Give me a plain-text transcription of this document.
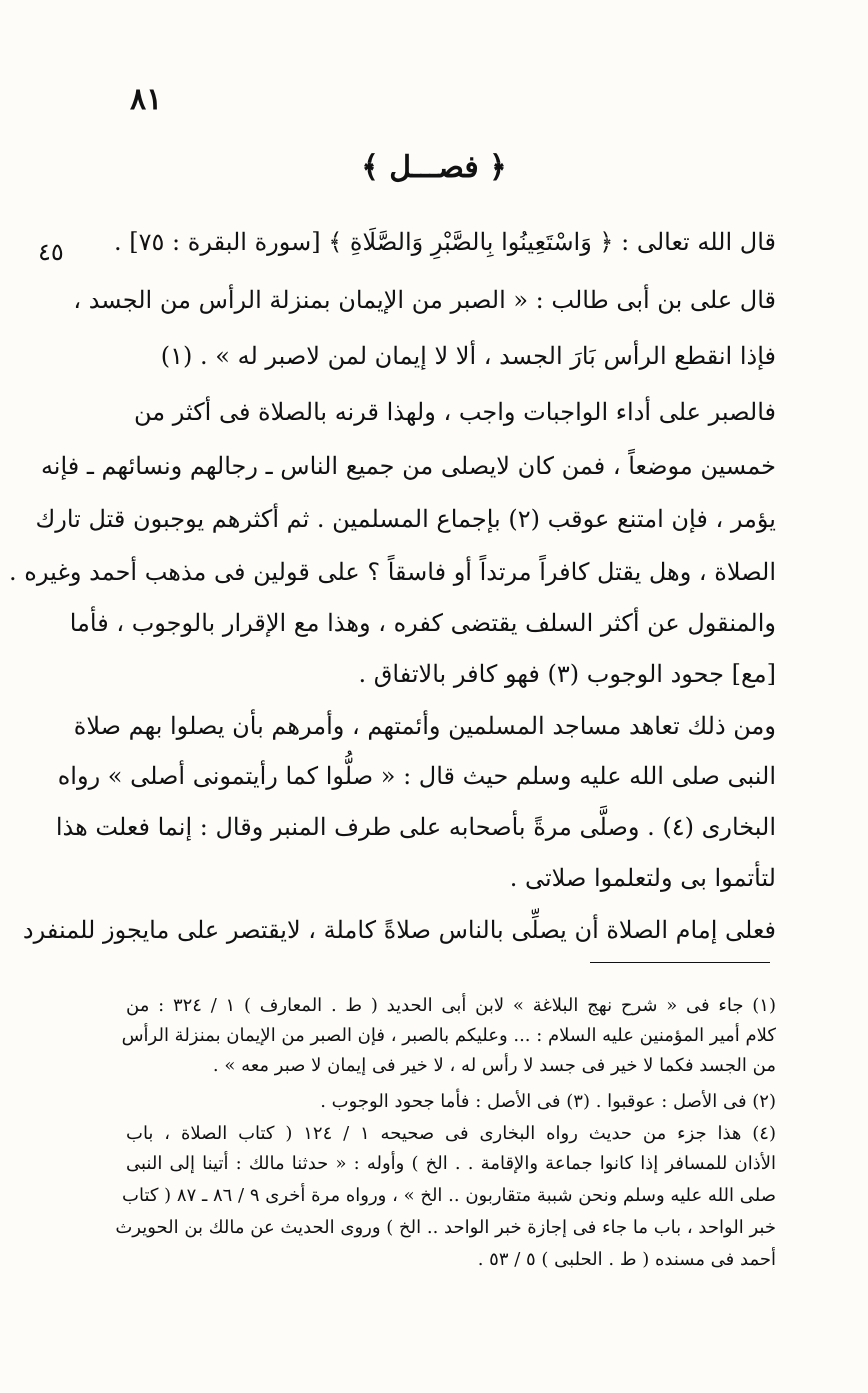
٨١
٤٥
﴿ فصـــل ﴾
قال الله تعالى : ﴿ وَاسْتَعِينُوا بِالصَّبْرِ وَالصَّلَاةِ ﴾ [سورة البقرة : ٧٥] .
قال على بن أبى طالب : « الصبر من الإيمان بمنزلة الرأس من الجسد ،
فإذا انقطع الرأس بَارَ الجسد ، ألا لا إيمان لمن لاصبر له » . (١)
فالصبر على أداء الواجبات واجب ، ولهذا قرنه بالصلاة فى أكثر من
خمسين موضعاً ، فمن كان لايصلى من جميع الناس ـ رجالهم ونسائهم ـ فإنه
يؤمر ، فإن امتنع عوقب (٢) بإجماع المسلمين . ثم أكثرهم يوجبون قتل تارك
الصلاة ، وهل يقتل كافراً مرتداً أو فاسقاً ؟ على قولين فى مذهب أحمد وغيره .
والمنقول عن أكثر السلف يقتضى كفره ، وهذا مع الإقرار بالوجوب ، فأما
[مع] جحود الوجوب (٣) فهو كافر بالاتفاق .
ومن ذلك تعاهد مساجد المسلمين وأئمتهم ، وأمرهم بأن يصلوا بهم صلاة
النبى صلى الله عليه وسلم حيث قال : « صلُّوا كما رأيتمونى أصلى » رواه
البخارى (٤) . وصلَّى مرةً بأصحابه على طرف المنبر وقال : إنما فعلت هذا
لتأتموا بى ولتعلموا صلاتى .
فعلى إمام الصلاة أن يصلِّى بالناس صلاةً كاملة ، لايقتصر على مايجوز للمنفرد
(١) جاء فى « شرح نهج البلاغة » لابن أبى الحديد ( ط . المعارف ) ١ / ٣٢٤ : من
كلام أمير المؤمنين عليه السلام : ... وعليكم بالصبر ، فإن الصبر من الإيمان بمنزلة الرأس
من الجسد فكما لا خير فى جسد لا رأس له ، لا خير فى إيمان لا صبر معه » .
(٢) فى الأصل : عوقبوا . (٣) فى الأصل : فأما جحود الوجوب .
(٤) هذا جزء من حديث رواه البخارى فى صحيحه ١ / ١٢٤ ( كتاب الصلاة ، باب
الأذان للمسافر إذا كانوا جماعة والإقامة . . الخ ) وأوله : « حدثنا مالك : أتينا إلى النبى
صلى الله عليه وسلم ونحن شببة متقاربون .. الخ » ، ورواه مرة أخرى ٩ / ٨٦ ـ ٨٧ ( كتاب
خبر الواحد ، باب ما جاء فى إجازة خبر الواحد .. الخ ) وروى الحديث عن مالك بن الحويرث
أحمد فى مسنده ( ط . الحلبى ) ٥ / ٥٣ .
